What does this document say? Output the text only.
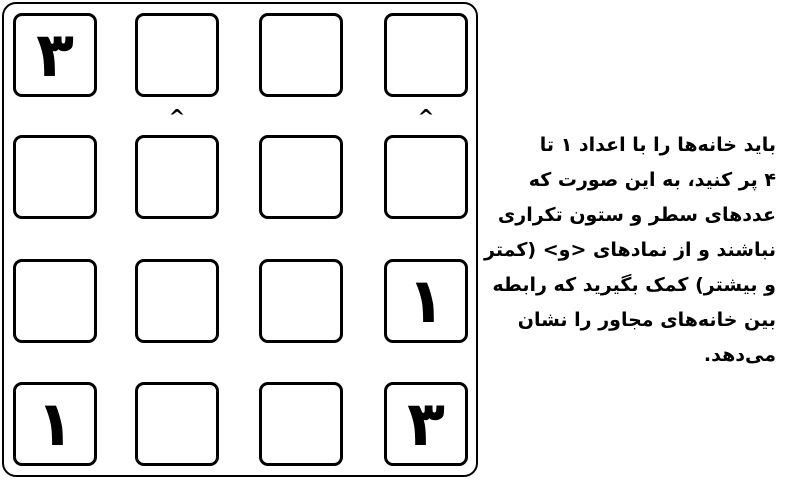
۳
۱
۱	۳
^	^
باید خانه‌ها را با اعداد ۱ تا
۴ پر کنید، به این صورت که
عددهای سطر و ستون تکراری
نباشند و از نمادهای <و> (کمتر
و بیشتر) کمک بگیرید که رابطه
بین خانه‌های مجاور را نشان
می‌دهد.
